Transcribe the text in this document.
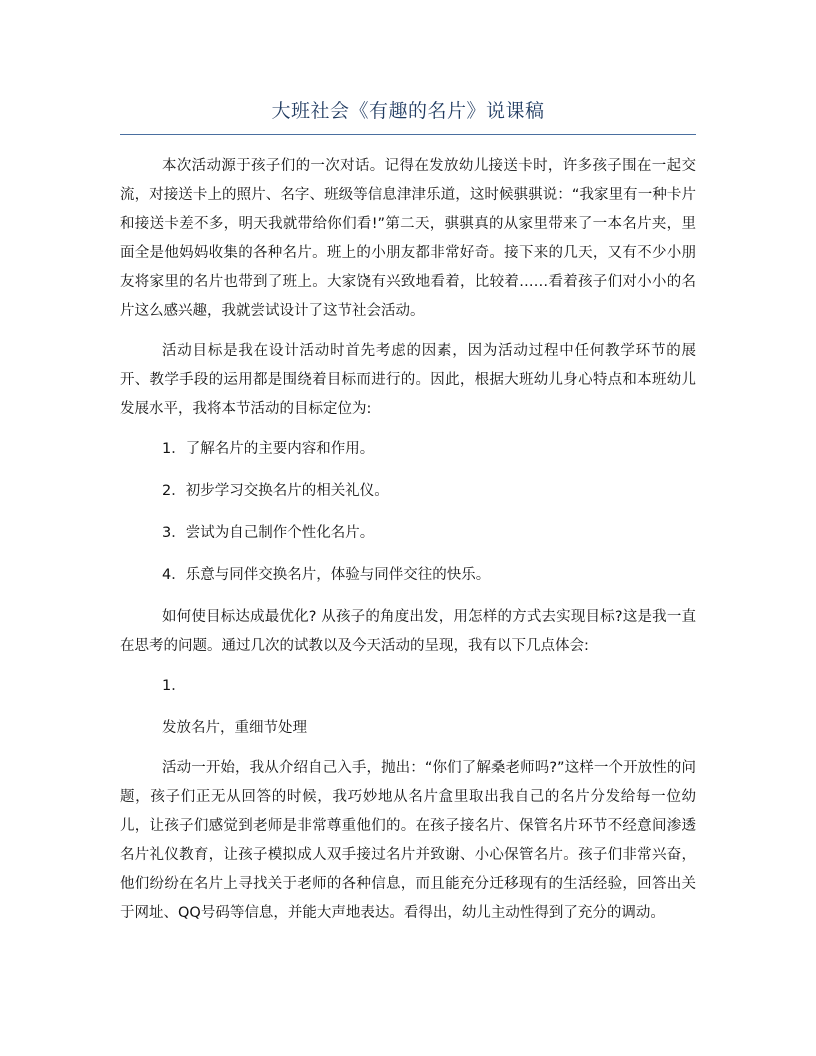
大班社会《有趣的名片》说课稿

本次活动源于孩子们的一次对话。记得在发放幼儿接送卡时，许多孩子围在一起交流，对接送卡上的照片、名字、班级等信息津津乐道，这时候骐骐说：“我家里有一种卡片和接送卡差不多，明天我就带给你们看!”第二天，骐骐真的从家里带来了一本名片夹，里面全是他妈妈收集的各种名片。班上的小朋友都非常好奇。接下来的几天，又有不少小朋友将家里的名片也带到了班上。大家饶有兴致地看着，比较着……看着孩子们对小小的名片这么感兴趣，我就尝试设计了这节社会活动。

活动目标是我在设计活动时首先考虑的因素，因为活动过程中任何教学环节的展开、教学手段的运用都是围绕着目标而进行的。因此，根据大班幼儿身心特点和本班幼儿发展水平，我将本节活动的目标定位为:

1．了解名片的主要内容和作用。
2．初步学习交换名片的相关礼仪。
3．尝试为自己制作个性化名片。
4．乐意与同伴交换名片，体验与同伴交往的快乐。

如何使目标达成最优化? 从孩子的角度出发，用怎样的方式去实现目标?这是我一直在思考的问题。通过几次的试教以及今天活动的呈现，我有以下几点体会:

1．

发放名片，重细节处理

活动一开始，我从介绍自己入手，抛出：“你们了解桑老师吗?”这样一个开放性的问题，孩子们正无从回答的时候，我巧妙地从名片盒里取出我自己的名片分发给每一位幼儿，让孩子们感觉到老师是非常尊重他们的。在孩子接名片、保管名片环节不经意间渗透名片礼仪教育，让孩子模拟成人双手接过名片并致谢、小心保管名片。孩子们非常兴奋，他们纷纷在名片上寻找关于老师的各种信息，而且能充分迁移现有的生活经验，回答出关于网址、QQ号码等信息，并能大声地表达。看得出，幼儿主动性得到了充分的调动。
